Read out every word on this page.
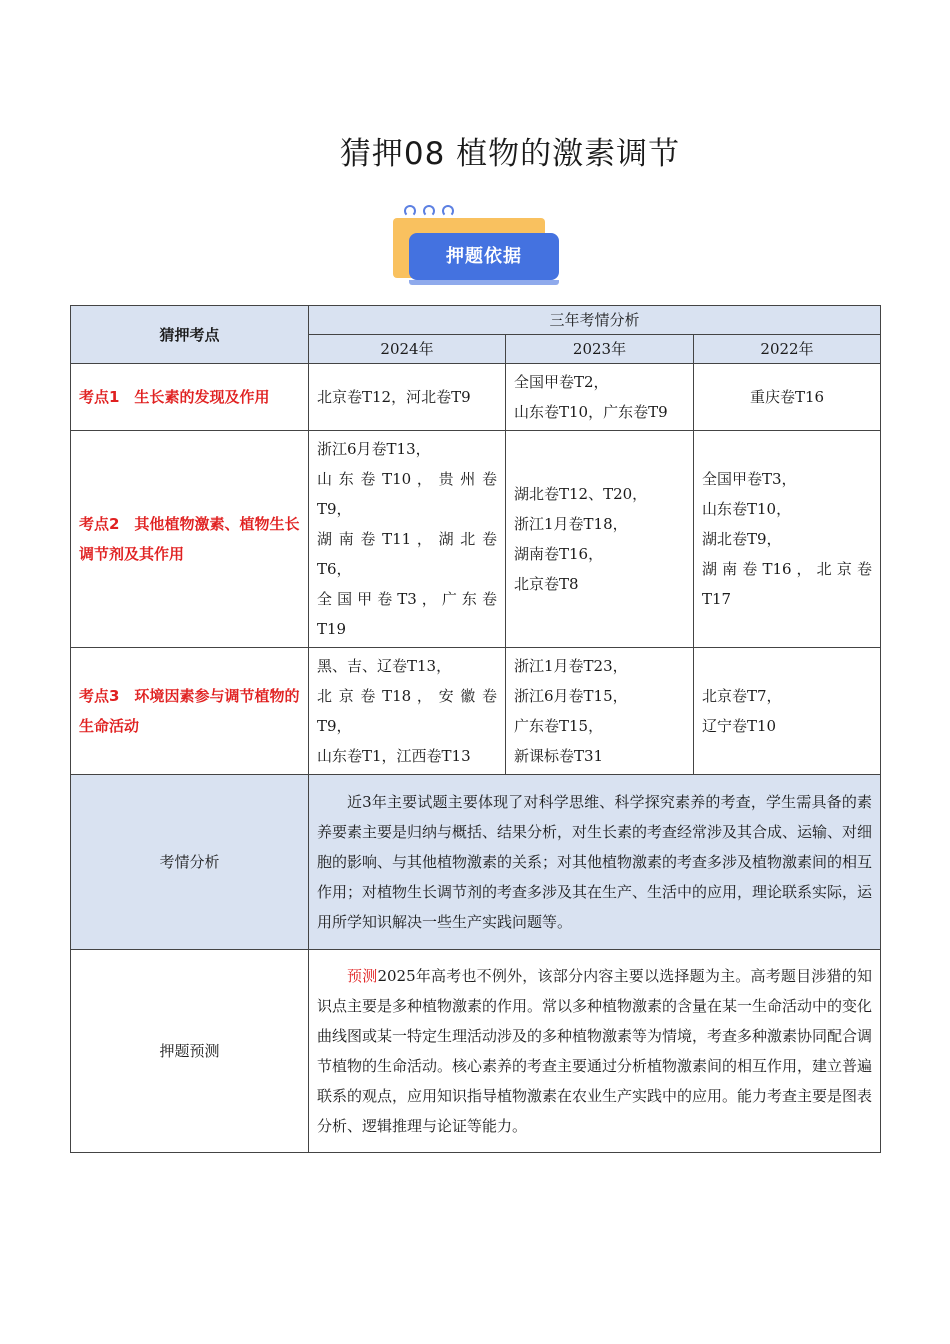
猜押08 植物的激素调节
押题依据
猜押考点	三年考情分析		
	2024年	2023年	2022年
考点1　生长素的发现及作用	北京卷T12，河北卷T9	全国甲卷T2，
山东卷T10，广东卷T9	重庆卷T16

考点2　其他植物激素、植物生长调节剂及其作用	浙江6月卷T13，
山 东 卷 T10 ， 贵 州 卷 T9，
湖 南 卷 T11 ， 湖 北 卷 T6，
全 国 甲 卷 T3 ， 广 东 卷 T19	湖北卷T12、T20，
浙江1月卷T18，
湖南卷T16，
北京卷T8	全国甲卷T3，
山东卷T10，
湖北卷T9，
湖 南 卷 T16 ， 北 京 卷 T17

考点3　环境因素参与调节植物的生命活动	黑、吉、辽卷T13，
北 京 卷 T18 ， 安 徽 卷 T9，
山东卷T1，江西卷T13	浙江1月卷T23，
浙江6月卷T15，
广东卷T15，
新课标卷T31	北京卷T7，
辽宁卷T10

考情分析	近3年主要试题主要体现了对科学思维、科学探究素养的考查，学生需具备的素养要素主要是归纳与概括、结果分析，对生长素的考查经常涉及其合成、运输、对细胞的影响、与其他植物激素的关系；对其他植物激素的考查多涉及植物激素间的相互作用；对植物生长调节剂的考查多涉及其在生产、生活中的应用，理论联系实际，运用所学知识解决一些生产实践问题等。		
押题预测	预测2025年高考也不例外，该部分内容主要以选择题为主。高考题目涉猎的知识点主要是多种植物激素的作用。常以多种植物激素的含量在某一生命活动中的变化曲线图或某一特定生理活动涉及的多种植物激素等为情境，考查多种激素协同配合调节植物的生命活动。核心素养的考查主要通过分析植物激素间的相互作用，建立普遍联系的观点，应用知识指导植物激素在农业生产实践中的应用。能力考查主要是图表分析、逻辑推理与论证等能力。		
